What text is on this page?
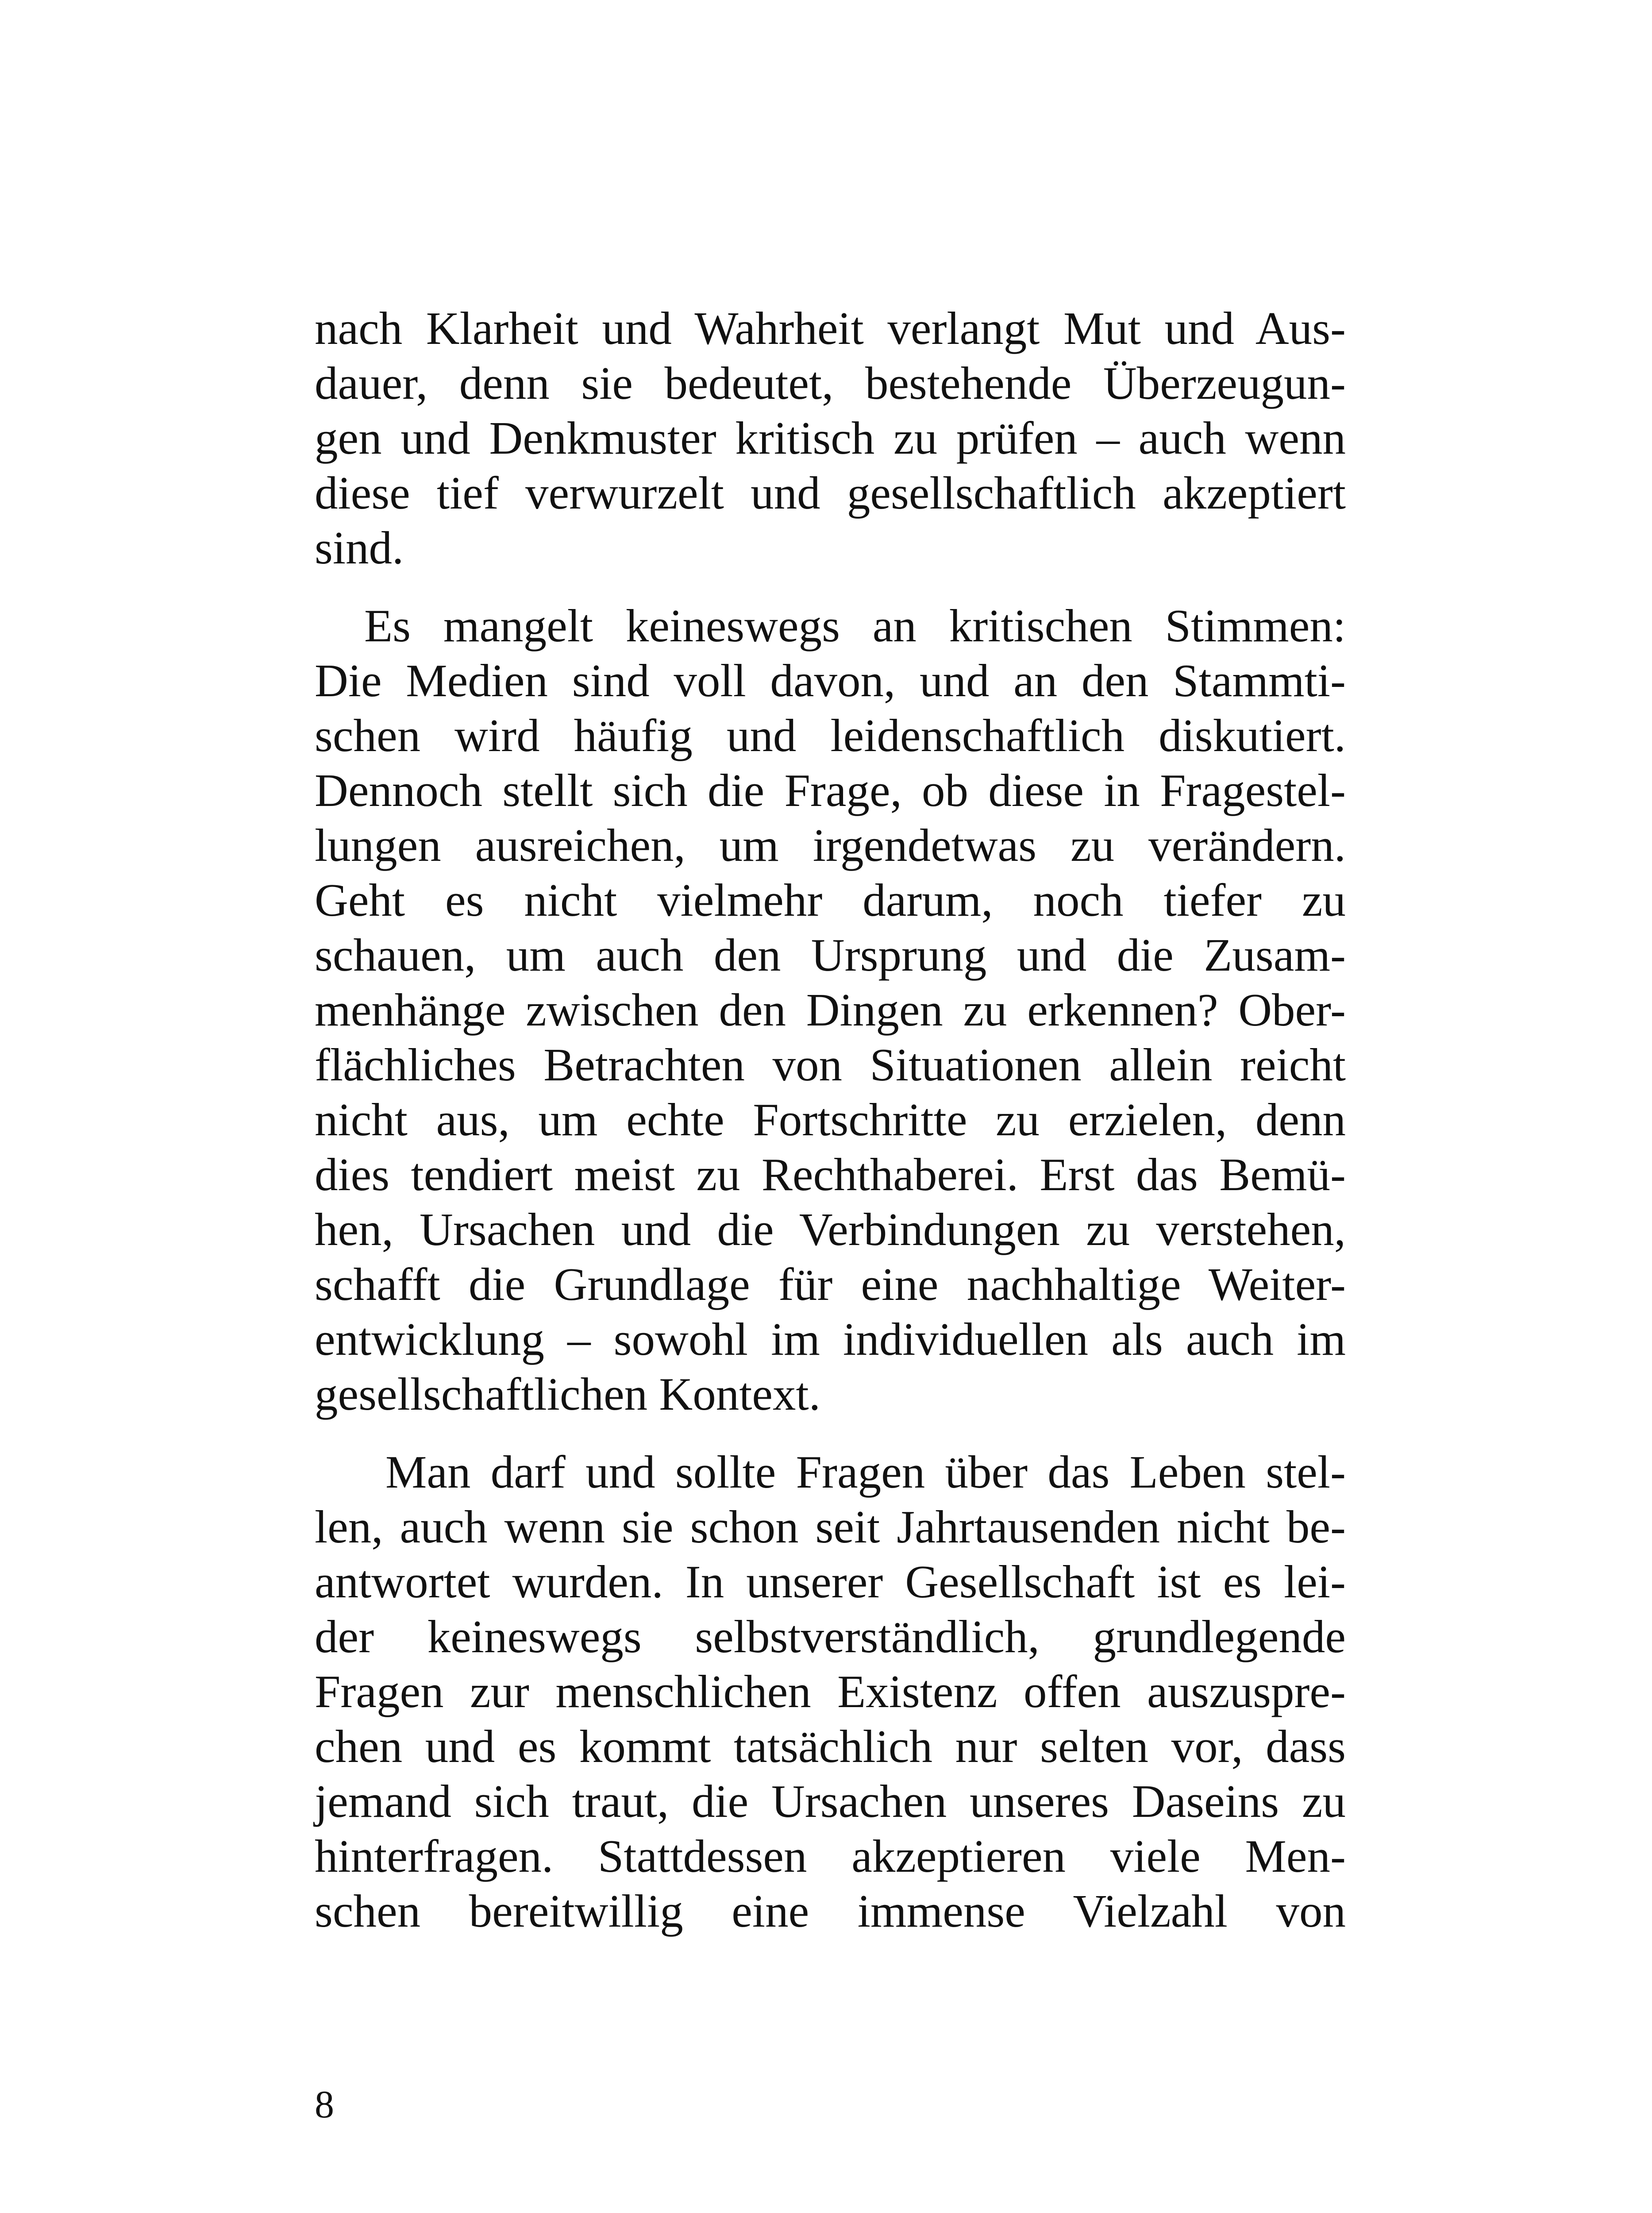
nach Klarheit und Wahrheit verlangt Mut und Aus-
dauer, denn sie bedeutet, bestehende Überzeugun-
gen und Denkmuster kritisch zu prüfen – auch wenn
diese tief verwurzelt und gesellschaftlich akzeptiert
sind.
Es mangelt keineswegs an kritischen Stimmen:
Die Medien sind voll davon, und an den Stammti-
schen wird häufig und leidenschaftlich diskutiert.
Dennoch stellt sich die Frage, ob diese in Fragestel-
lungen ausreichen, um irgendetwas zu verändern.
Geht es nicht vielmehr darum, noch tiefer zu
schauen, um auch den Ursprung und die Zusam-
menhänge zwischen den Dingen zu erkennen? Ober-
flächliches Betrachten von Situationen allein reicht
nicht aus, um echte Fortschritte zu erzielen, denn
dies tendiert meist zu Rechthaberei. Erst das Bemü-
hen, Ursachen und die Verbindungen zu verstehen,
schafft die Grundlage für eine nachhaltige Weiter-
entwicklung – sowohl im individuellen als auch im
gesellschaftlichen Kontext.
Man darf und sollte Fragen über das Leben stel-
len, auch wenn sie schon seit Jahrtausenden nicht be-
antwortet wurden. In unserer Gesellschaft ist es lei-
der keineswegs selbstverständlich, grundlegende
Fragen zur menschlichen Existenz offen auszuspre-
chen und es kommt tatsächlich nur selten vor, dass
jemand sich traut, die Ursachen unseres Daseins zu
hinterfragen. Stattdessen akzeptieren viele Men-
schen bereitwillig eine immense Vielzahl von
8
